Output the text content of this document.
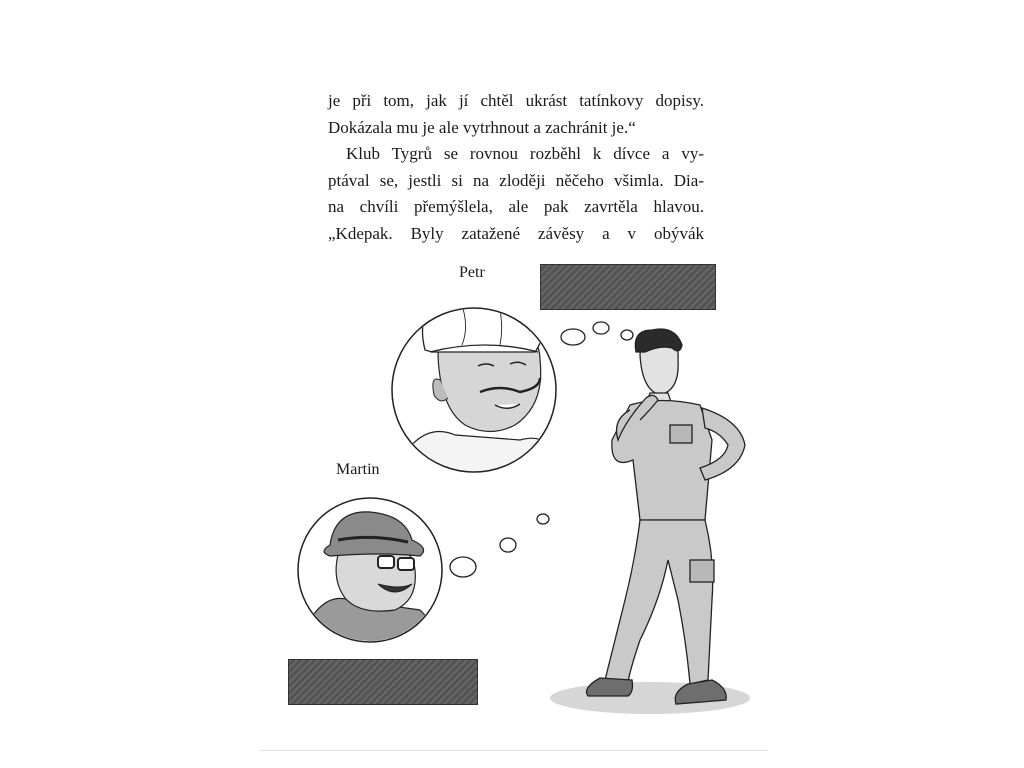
je při tom, jak jí chtěl ukrást tatínkovy dopisy.
Dokázala mu je ale vytrhnout a zachránit je.“
Klub Tygrů se rovnou rozběhl k dívce a vy-
ptával se, jestli si na zloději něčeho všimla. Dia-
na chvíli přemýšlela, ale pak zavrtěla hlavou.
„Kdepak. Byly zatažené závěsy a v obývák
Petr
Martin
